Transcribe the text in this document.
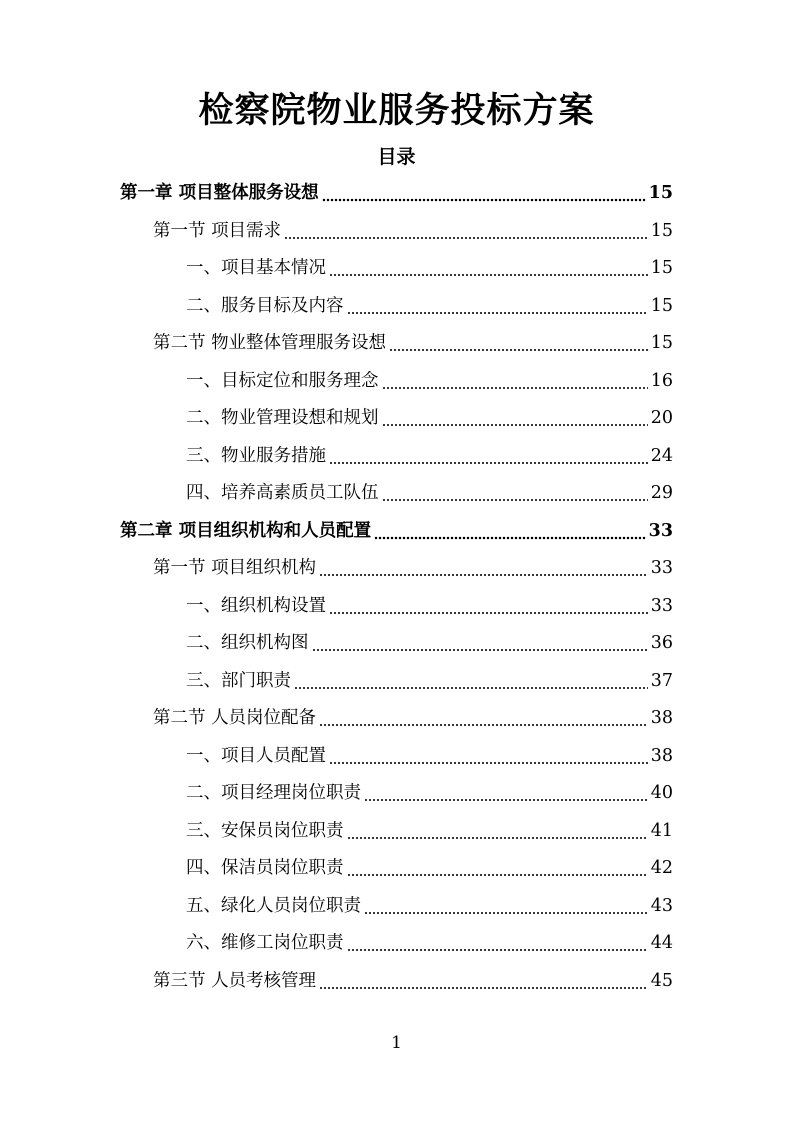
检察院物业服务投标方案
目录
第一章 项目整体服务设想	15
第一节 项目需求	15
一、项目基本情况	15
二、服务目标及内容	15
第二节 物业整体管理服务设想	15
一、目标定位和服务理念	16
二、物业管理设想和规划	20
三、物业服务措施	24
四、培养高素质员工队伍	29
第二章 项目组织机构和人员配置	33
第一节 项目组织机构	33
一、组织机构设置	33
二、组织机构图	36
三、部门职责	37
第二节 人员岗位配备	38
一、项目人员配置	38
二、项目经理岗位职责	40
三、安保员岗位职责	41
四、保洁员岗位职责	42
五、绿化人员岗位职责	43
六、维修工岗位职责	44
第三节 人员考核管理	45
1
